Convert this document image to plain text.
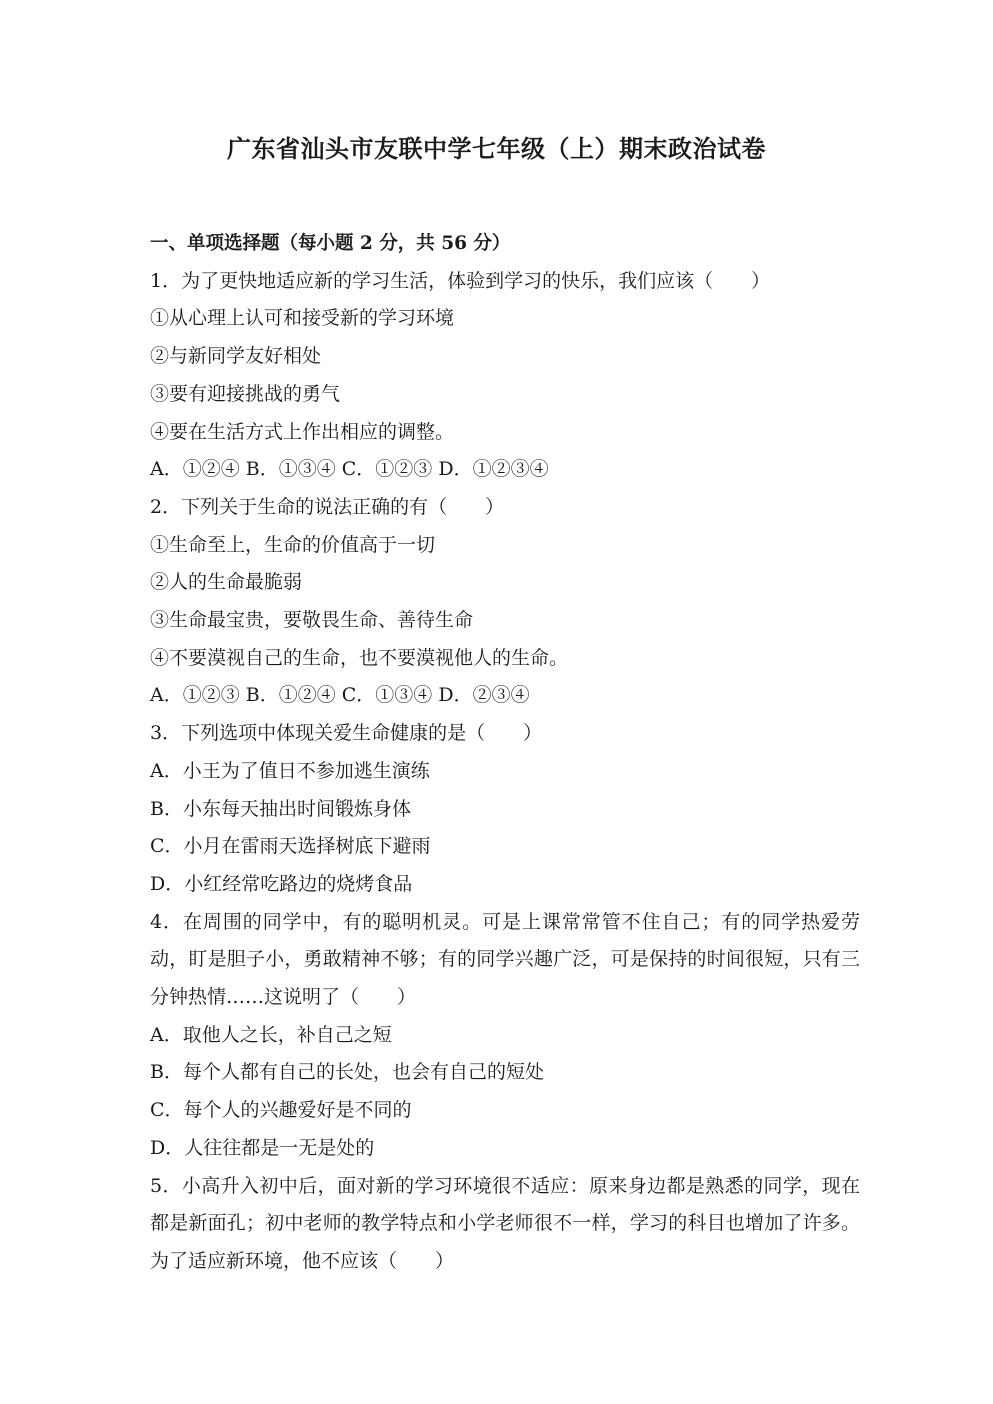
广东省汕头市友联中学七年级（上）期末政治试卷

一、单项选择题（每小题 2 分，共 56 分）

1．为了更快地适应新的学习生活，体验到学习的快乐，我们应该（　　）

①从心理上认可和接受新的学习环境

②与新同学友好相处

③要有迎接挑战的勇气

④要在生活方式上作出相应的调整。

A．①②④ B．①③④ C．①②③ D．①②③④

2．下列关于生命的说法正确的有（　　）

①生命至上，生命的价值高于一切

②人的生命最脆弱

③生命最宝贵，要敬畏生命、善待生命

④不要漠视自己的生命，也不要漠视他人的生命。

A．①②③ B．①②④ C．①③④ D．②③④

3．下列选项中体现关爱生命健康的是（　　）

A．小王为了值日不参加逃生演练

B．小东每天抽出时间锻炼身体

C．小月在雷雨天选择树底下避雨

D．小红经常吃路边的烧烤食品

4．在周围的同学中，有的聪明机灵。可是上课常常管不住自己；有的同学热爱劳动，盯是胆子小，勇敢精神不够；有的同学兴趣广泛，可是保持的时间很短，只有三分钟热情……这说明了（　　）

A．取他人之长，补自己之短

B．每个人都有自己的长处，也会有自己的短处

C．每个人的兴趣爱好是不同的

D．人往往都是一无是处的

5．小高升入初中后，面对新的学习环境很不适应：原来身边都是熟悉的同学，现在都是新面孔；初中老师的教学特点和小学老师很不一样，学习的科目也增加了许多。为了适应新环境，他不应该（　　）
